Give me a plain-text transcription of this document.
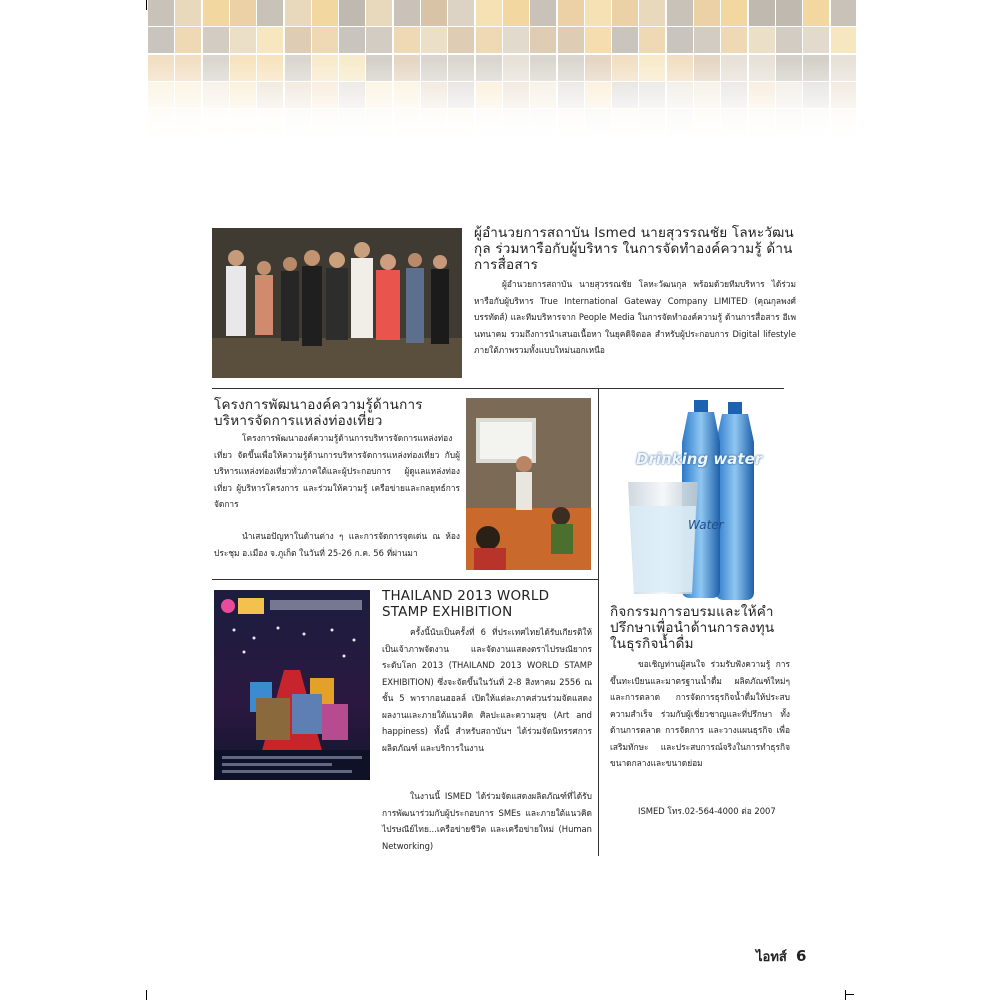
ผู้อำนวยการสถาบัน Ismed นายสุวรรณชัย โลหะวัฒนกุล ร่วมหารือกับผู้บริหาร ในการจัดทำองค์ความรู้ ด้านการสื่อสาร
ผู้อำนวยการสถาบัน นายสุวรรณชัย โลหะวัฒนกุล พร้อมด้วยทีมบริหาร ได้ร่วมหารือกับผู้บริหาร True International Gateway Company LIMITED (คุณกุลพงศ์ บรรทัดส์) และทีมบริหารจาก People Media ในการจัดทำองค์ความรู้ ด้านการสื่อสาร อีเพนทนาคม รวมถึงการนำเสนอเนื้อหา ในยุคดิจิตอล สำหรับผู้ประกอบการ Digital lifestyle ภายใต้ภาพรวมทั้งแบบใหม่นอกเหนือ
โครงการพัฒนาองค์ความรู้ด้านการบริหารจัดการแหล่งท่องเที่ยว
โครงการพัฒนาองค์ความรู้ด้านการบริหารจัดการแหล่งท่องเที่ยว จัดขึ้นเพื่อให้ความรู้ด้านการบริหารจัดการแหล่งท่องเที่ยว กับผู้บริหารแหล่งท่องเที่ยวทั่วภาคใต้และผู้ประกอบการ ผู้ดูแลแหล่งท่องเที่ยว ผู้บริหารโครงการ และร่วมให้ความรู้ เครือข่ายและกลยุทธ์การจัดการ
นำเสนอปัญหาในด้านต่าง ๆ และการจัดการจุดเด่น ณ ห้องประชุม อ.เมือง จ.ภูเก็ต ในวันที่ 25-26 ก.ค. 56 ที่ผ่านมา
Drinking water
Water
กิจกรรมการอบรมและให้คำปรึกษาเพื่อนำด้านการลงทุนในธุรกิจน้ำดื่ม
ขอเชิญท่านผู้สนใจ ร่วมรับฟังความรู้ การขึ้นทะเบียนและมาตรฐานน้ำดื่ม ผลิตภัณฑ์ใหม่ๆ และการตลาด การจัดการธุรกิจน้ำดื่มให้ประสบความสำเร็จ ร่วมกับผู้เชี่ยวชาญและที่ปรึกษา ทั้งด้านการตลาด การจัดการ และวางแผนธุรกิจ เพื่อเสริมทักษะ และประสบการณ์จริงในการทำธุรกิจขนาดกลางและขนาดย่อม
ISMED โทร.02-564-4000 ต่อ 2007
THAILAND 2013 WORLD STAMP EXHIBITION
ครั้งนี้นับเป็นครั้งที่ 6 ที่ประเทศไทยได้รับเกียรติให้เป็นเจ้าภาพจัดงาน และจัดงานแสดงตราไปรษณียากรระดับโลก 2013 (THAILAND 2013 WORLD STAMP EXHIBITION) ซึ่งจะจัดขึ้นในวันที่ 2-8 สิงหาคม 2556 ณ ชั้น 5 พารากอนฮอลล์ เปิดให้แต่ละภาคส่วนร่วมจัดแสดงผลงานและภายใต้แนวคิด ศิลปะและความสุข (Art and happiness) ทั้งนี้ สำหรับสถาบันฯ ได้ร่วมจัดนิทรรศการ ผลิตภัณฑ์ และบริการในงาน
ในงานนี้ ISMED ได้ร่วมจัดแสดงผลิตภัณฑ์ที่ได้รับการพัฒนาร่วมกับผู้ประกอบการ SMEs และภายใต้แนวคิด ไปรษณีย์ไทย...เครือข่ายชีวิต และเครือข่ายใหม่ (Human Networking)
ไอทส์ 6
